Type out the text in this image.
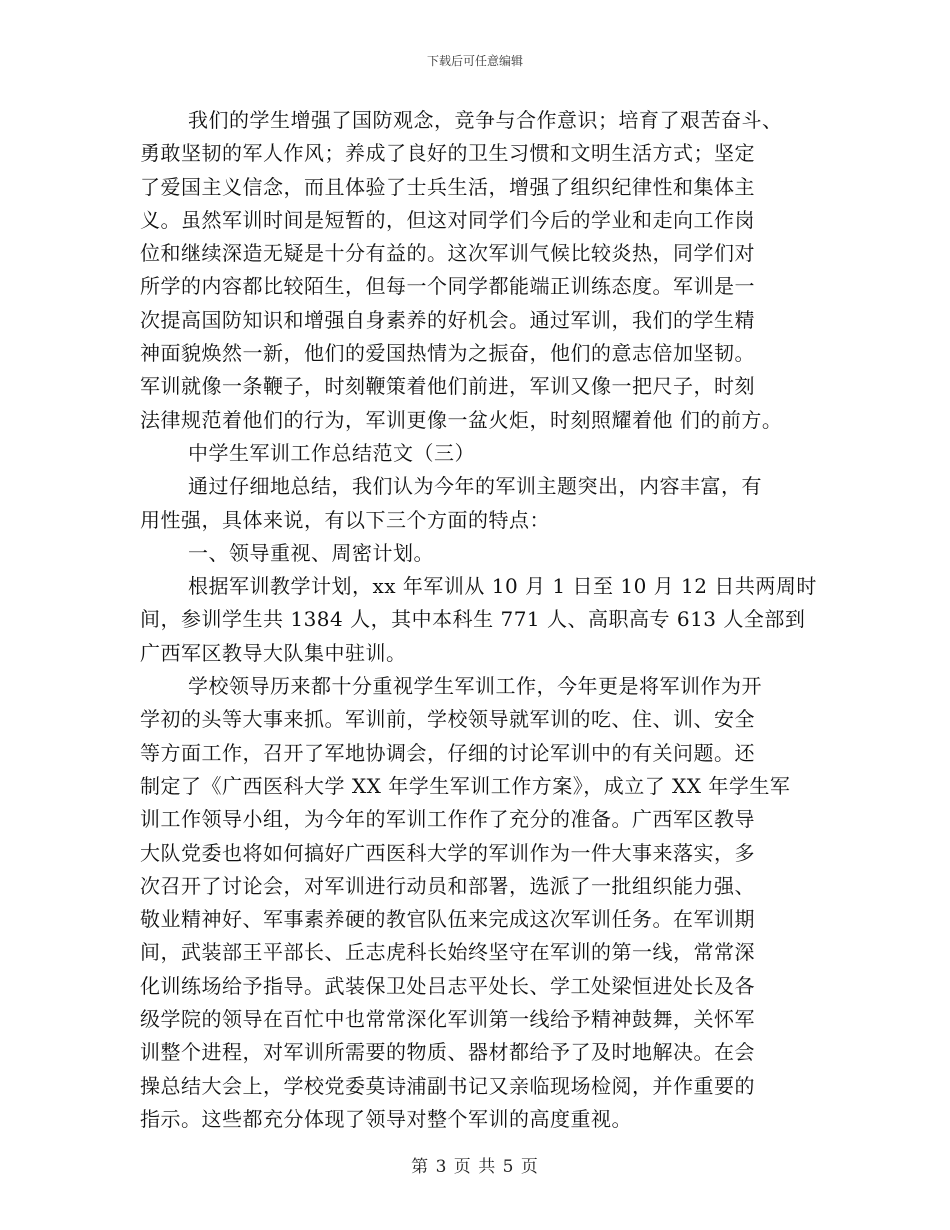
下载后可任意编辑
我们的学生增强了国防观念，竞争与合作意识；培育了艰苦奋斗、
勇敢坚韧的军人作风；养成了良好的卫生习惯和文明生活方式；坚定
了爱国主义信念，而且体验了士兵生活，增强了组织纪律性和集体主
义。虽然军训时间是短暂的，但这对同学们今后的学业和走向工作岗
位和继续深造无疑是十分有益的。这次军训气候比较炎热，同学们对
所学的内容都比较陌生，但每一个同学都能端正训练态度。军训是一
次提高国防知识和增强自身素养的好机会。通过军训，我们的学生精
神面貌焕然一新，他们的爱国热情为之振奋，他们的意志倍加坚韧。
军训就像一条鞭子，时刻鞭策着他们前进，军训又像一把尺子，时刻
法律规范着他们的行为，军训更像一盆火炬，时刻照耀着他 们的前方。
中学生军训工作总结范文（三）
通过仔细地总结，我们认为今年的军训主题突出，内容丰富，有
用性强，具体来说，有以下三个方面的特点：
一、领导重视、周密计划。
根据军训教学计划，xx 年军训从 10 月 1 日至 10 月 12 日共两周时
间，参训学生共 1384 人，其中本科生 771 人、高职高专 613 人全部到
广西军区教导大队集中驻训。
学校领导历来都十分重视学生军训工作，今年更是将军训作为开
学初的头等大事来抓。军训前，学校领导就军训的吃、住、训、安全
等方面工作，召开了军地协调会，仔细的讨论军训中的有关问题。还
制定了《广西医科大学 XX 年学生军训工作方案》，成立了 XX 年学生军
训工作领导小组，为今年的军训工作作了充分的准备。广西军区教导
大队党委也将如何搞好广西医科大学的军训作为一件大事来落实，多
次召开了讨论会，对军训进行动员和部署，选派了一批组织能力强、
敬业精神好、军事素养硬的教官队伍来完成这次军训任务。在军训期
间，武装部王平部长、丘志虎科长始终坚守在军训的第一线，常常深
化训练场给予指导。武装保卫处吕志平处长、学工处梁恒进处长及各
级学院的领导在百忙中也常常深化军训第一线给予精神鼓舞，关怀军
训整个进程，对军训所需要的物质、器材都给予了及时地解决。在会
操总结大会上，学校党委莫诗浦副书记又亲临现场检阅，并作重要的
指示。这些都充分体现了领导对整个军训的高度重视。
第 3 页 共 5 页
